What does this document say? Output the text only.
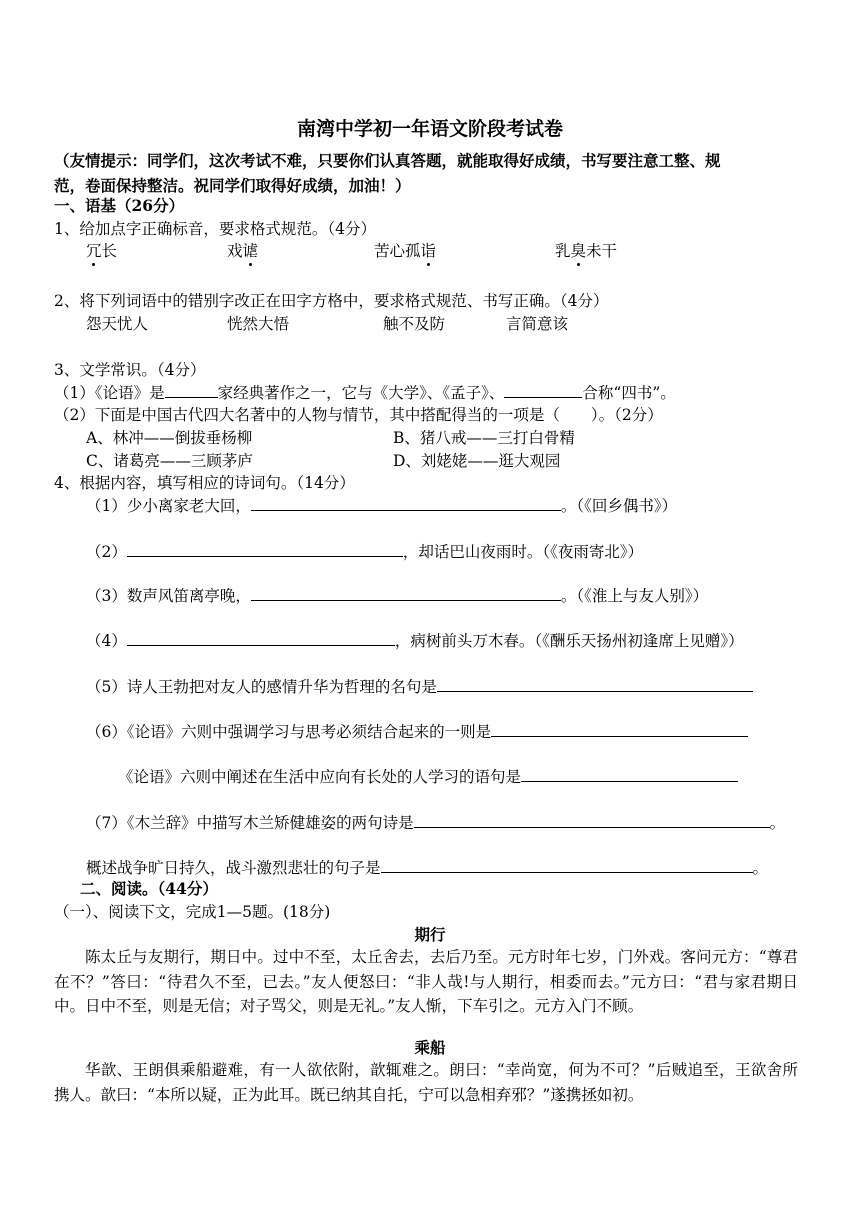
南湾中学初一年语文阶段考试卷
（友情提示：同学们，这次考试不难，只要你们认真答题，就能取得好成绩，书写要注意工整、规
范，卷面保持整洁。祝同学们取得好成绩，加油！）
一、语基（26分）
1、给加点字正确标音，要求格式规范。（4分）
冗长	戏谑	苦心孤诣	乳臭未干
2、将下列词语中的错别字改正在田字方格中，要求格式规范、书写正确。（4分）
怨天忧人	恍然大悟	触不及防	言简意该
3、文学常识。（4分）
（1）《论语》是	家经典著作之一，它与《大学》、《孟子》、	合称“四书”。
（2）下面是中国古代四大名著中的人物与情节，其中搭配得当的一项是（　　）。（2分）
A、林冲——倒拔垂杨柳	B、猪八戒——三打白骨精
C、诸葛亮——三顾茅庐	D、刘姥姥——逛大观园
4、根据内容，填写相应的诗词句。（14分）
（1）少小离家老大回，	。（《回乡偶书》）
（2）	，却话巴山夜雨时。（《夜雨寄北》）
（3）数声风笛离亭晚，	。（《淮上与友人别》）
（4）	，病树前头万木春。（《酬乐天扬州初逢席上见赠》）
（5）诗人王勃把对友人的感情升华为哲理的名句是
（6）《论语》六则中强调学习与思考必须结合起来的一则是
《论语》六则中阐述在生活中应向有长处的人学习的语句是
（7）《木兰辞》中描写木兰矫健雄姿的两句诗是	。
概述战争旷日持久，战斗激烈悲壮的句子是	。
二、阅读。（44分）
（一）、阅读下文，完成1—5题。(18分)
期行
陈太丘与友期行，期日中。过中不至，太丘舍去，去后乃至。元方时年七岁，门外戏。客问元方：“尊君在不？”答曰：“待君久不至，已去。”友人便怒曰：“非人哉!与人期行，相委而去。”元方曰：“君与家君期日中。日中不至，则是无信；对子骂父，则是无礼。”友人惭，下车引之。元方入门不顾。
乘船
华歆、王朗俱乘船避难，有一人欲依附，歆辄难之。朗曰：“幸尚宽，何为不可？”后贼追至，王欲舍所携人。歆曰：“本所以疑，正为此耳。既已纳其自托，宁可以急相弃邪？”遂携拯如初。
